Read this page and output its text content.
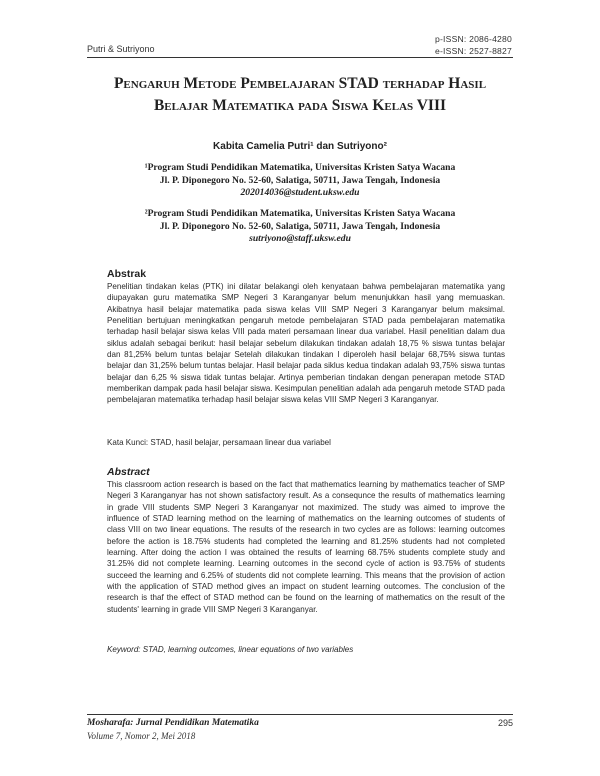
p-ISSN: 2086-4280
e-ISSN: 2527-8827
Putri & Sutriyono
Pengaruh Metode Pembelajaran STAD terhadap Hasil
Belajar Matematika pada Siswa Kelas VIII
Kabita Camelia Putri¹ dan Sutriyono²
¹Program Studi Pendidikan Matematika, Universitas Kristen Satya Wacana
Jl. P. Diponegoro No. 52-60, Salatiga, 50711, Jawa Tengah, Indonesia
202014036@student.uksw.edu
²Program Studi Pendidikan Matematika, Universitas Kristen Satya Wacana
Jl. P. Diponegoro No. 52-60, Salatiga, 50711, Jawa Tengah, Indonesia
sutriyono@staff.uksw.edu
Abstrak
Penelitian tindakan kelas (PTK) ini dilatar belakangi oleh kenyataan bahwa pembelajaran matematika yang diupayakan guru matematika SMP Negeri 3 Karanganyar belum menunjukkan hasil yang memuaskan. Akibatnya hasil belajar matematika pada siswa kelas VIII SMP Negeri 3 Karanganyar belum maksimal. Penelitian bertujuan meningkatkan pengaruh metode pembelajaran STAD pada pembelajaran matematika terhadap hasil belajar siswa kelas VIII pada materi persamaan linear dua variabel. Hasil penelitian dalam dua siklus adalah sebagai berikut: hasil belajar sebelum dilakukan tindakan adalah 18,75 % siswa tuntas belajar dan 81,25% belum tuntas belajar Setelah dilakukan tindakan I diperoleh hasil belajar 68,75% siswa tuntas belajar dan 31,25% belum tuntas belajar. Hasil belajar pada siklus kedua tindakan adalah 93,75% siswa tuntas belajar dan 6,25 % siswa tidak tuntas belajar. Artinya pemberian tindakan dengan penerapan metode STAD memberikan dampak pada hasil belajar siswa. Kesimpulan penelitian adalah ada pengaruh metode STAD pada pembelajaran matematika terhadap hasil belajar siswa kelas VIII SMP Negeri 3 Karanganyar.
Kata Kunci: STAD, hasil belajar, persamaan linear dua variabel
Abstract
This classroom action research is based on the fact that mathematics learning by mathematics teacher of SMP Negeri 3 Karanganyar has not shown satisfactory result. As a consequnce the results of mathematics learning in grade VIII students SMP Negeri 3 Karanganyar not maximized. The study was aimed to improve the influence of STAD learning method on the learning of mathematics on the learning outcomes of students of class VIII on two linear equations. The results of the research in two cycles are as follows: learning outcomes before the action is 18.75% students had completed the learning and 81.25% students had not completed learning. After doing the action I was obtained the results of learning 68.75% students complete study and 31.25% did not complete learning. Learning outcomes in the second cycle of action is 93.75% of students succeed the learning and 6.25% of students did not complete learning. This means that the provision of action with the application of STAD method gives an impact on student learning outcomes. The conclusion of the research is thaf the effect of STAD method can be found on the learning of mathematics on the result of the students' learning in grade VIII SMP Negeri 3 Karanganyar.
Keyword: STAD, learning outcomes, linear equations of two variables
Mosharafa: Jurnal Pendidikan Matematika
Volume 7, Nomor 2, Mei 2018
295
